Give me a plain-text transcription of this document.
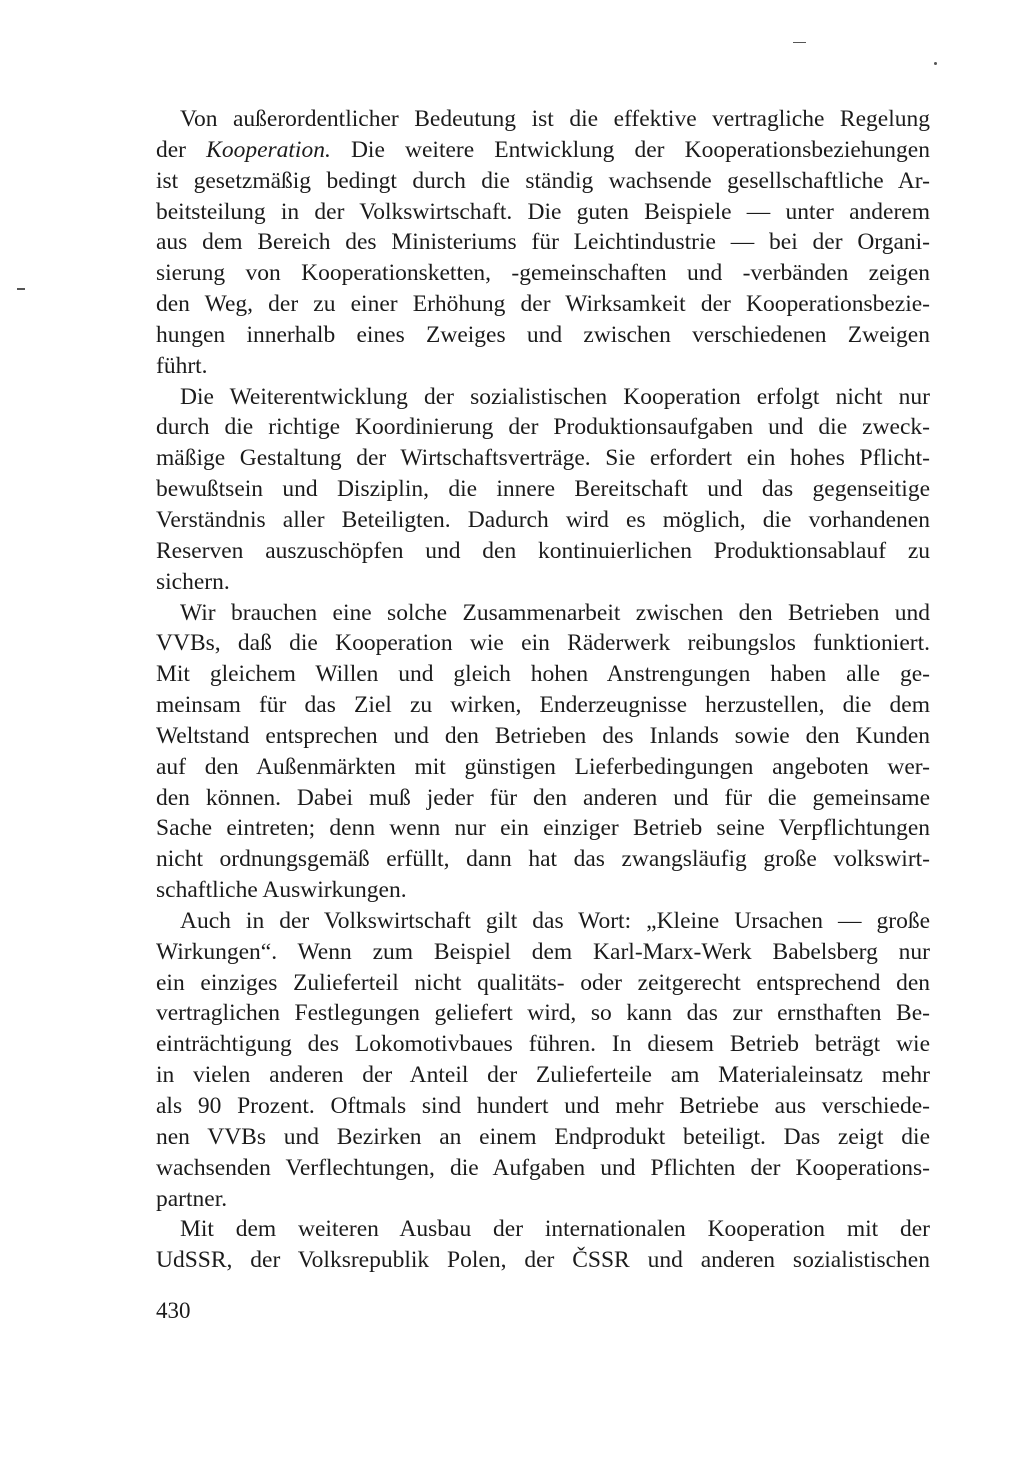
Von außerordentlicher Bedeutung ist die effektive vertragliche Regelung
der Kooperation. Die weitere Entwicklung der Kooperationsbeziehungen
ist gesetzmäßig bedingt durch die ständig wachsende gesellschaftliche Ar-
beitsteilung in der Volkswirtschaft. Die guten Beispiele — unter anderem
aus dem Bereich des Ministeriums für Leichtindustrie — bei der Organi-
sierung von Kooperationsketten, -gemeinschaften und -verbänden zeigen
den Weg, der zu einer Erhöhung der Wirksamkeit der Kooperationsbezie-
hungen innerhalb eines Zweiges und zwischen verschiedenen Zweigen
führt.
Die Weiterentwicklung der sozialistischen Kooperation erfolgt nicht nur
durch die richtige Koordinierung der Produktionsaufgaben und die zweck-
mäßige Gestaltung der Wirtschaftsverträge. Sie erfordert ein hohes Pflicht-
bewußtsein und Disziplin, die innere Bereitschaft und das gegenseitige
Verständnis aller Beteiligten. Dadurch wird es möglich, die vorhandenen
Reserven auszuschöpfen und den kontinuierlichen Produktionsablauf zu
sichern.
Wir brauchen eine solche Zusammenarbeit zwischen den Betrieben und
VVBs, daß die Kooperation wie ein Räderwerk reibungslos funktioniert.
Mit gleichem Willen und gleich hohen Anstrengungen haben alle ge-
meinsam für das Ziel zu wirken, Enderzeugnisse herzustellen, die dem
Weltstand entsprechen und den Betrieben des Inlands sowie den Kunden
auf den Außenmärkten mit günstigen Lieferbedingungen angeboten wer-
den können. Dabei muß jeder für den anderen und für die gemeinsame
Sache eintreten; denn wenn nur ein einziger Betrieb seine Verpflichtungen
nicht ordnungsgemäß erfüllt, dann hat das zwangsläufig große volkswirt-
schaftliche Auswirkungen.
Auch in der Volkswirtschaft gilt das Wort: „Kleine Ursachen — große
Wirkungen“. Wenn zum Beispiel dem Karl-Marx-Werk Babelsberg nur
ein einziges Zulieferteil nicht qualitäts- oder zeitgerecht entsprechend den
vertraglichen Festlegungen geliefert wird, so kann das zur ernsthaften Be-
einträchtigung des Lokomotivbaues führen. In diesem Betrieb beträgt wie
in vielen anderen der Anteil der Zulieferteile am Materialeinsatz mehr
als 90 Prozent. Oftmals sind hundert und mehr Betriebe aus verschiede-
nen VVBs und Bezirken an einem Endprodukt beteiligt. Das zeigt die
wachsenden Verflechtungen, die Aufgaben und Pflichten der Kooperations-
partner.
Mit dem weiteren Ausbau der internationalen Kooperation mit der
UdSSR, der Volksrepublik Polen, der ČSSR und anderen sozialistischen
430
